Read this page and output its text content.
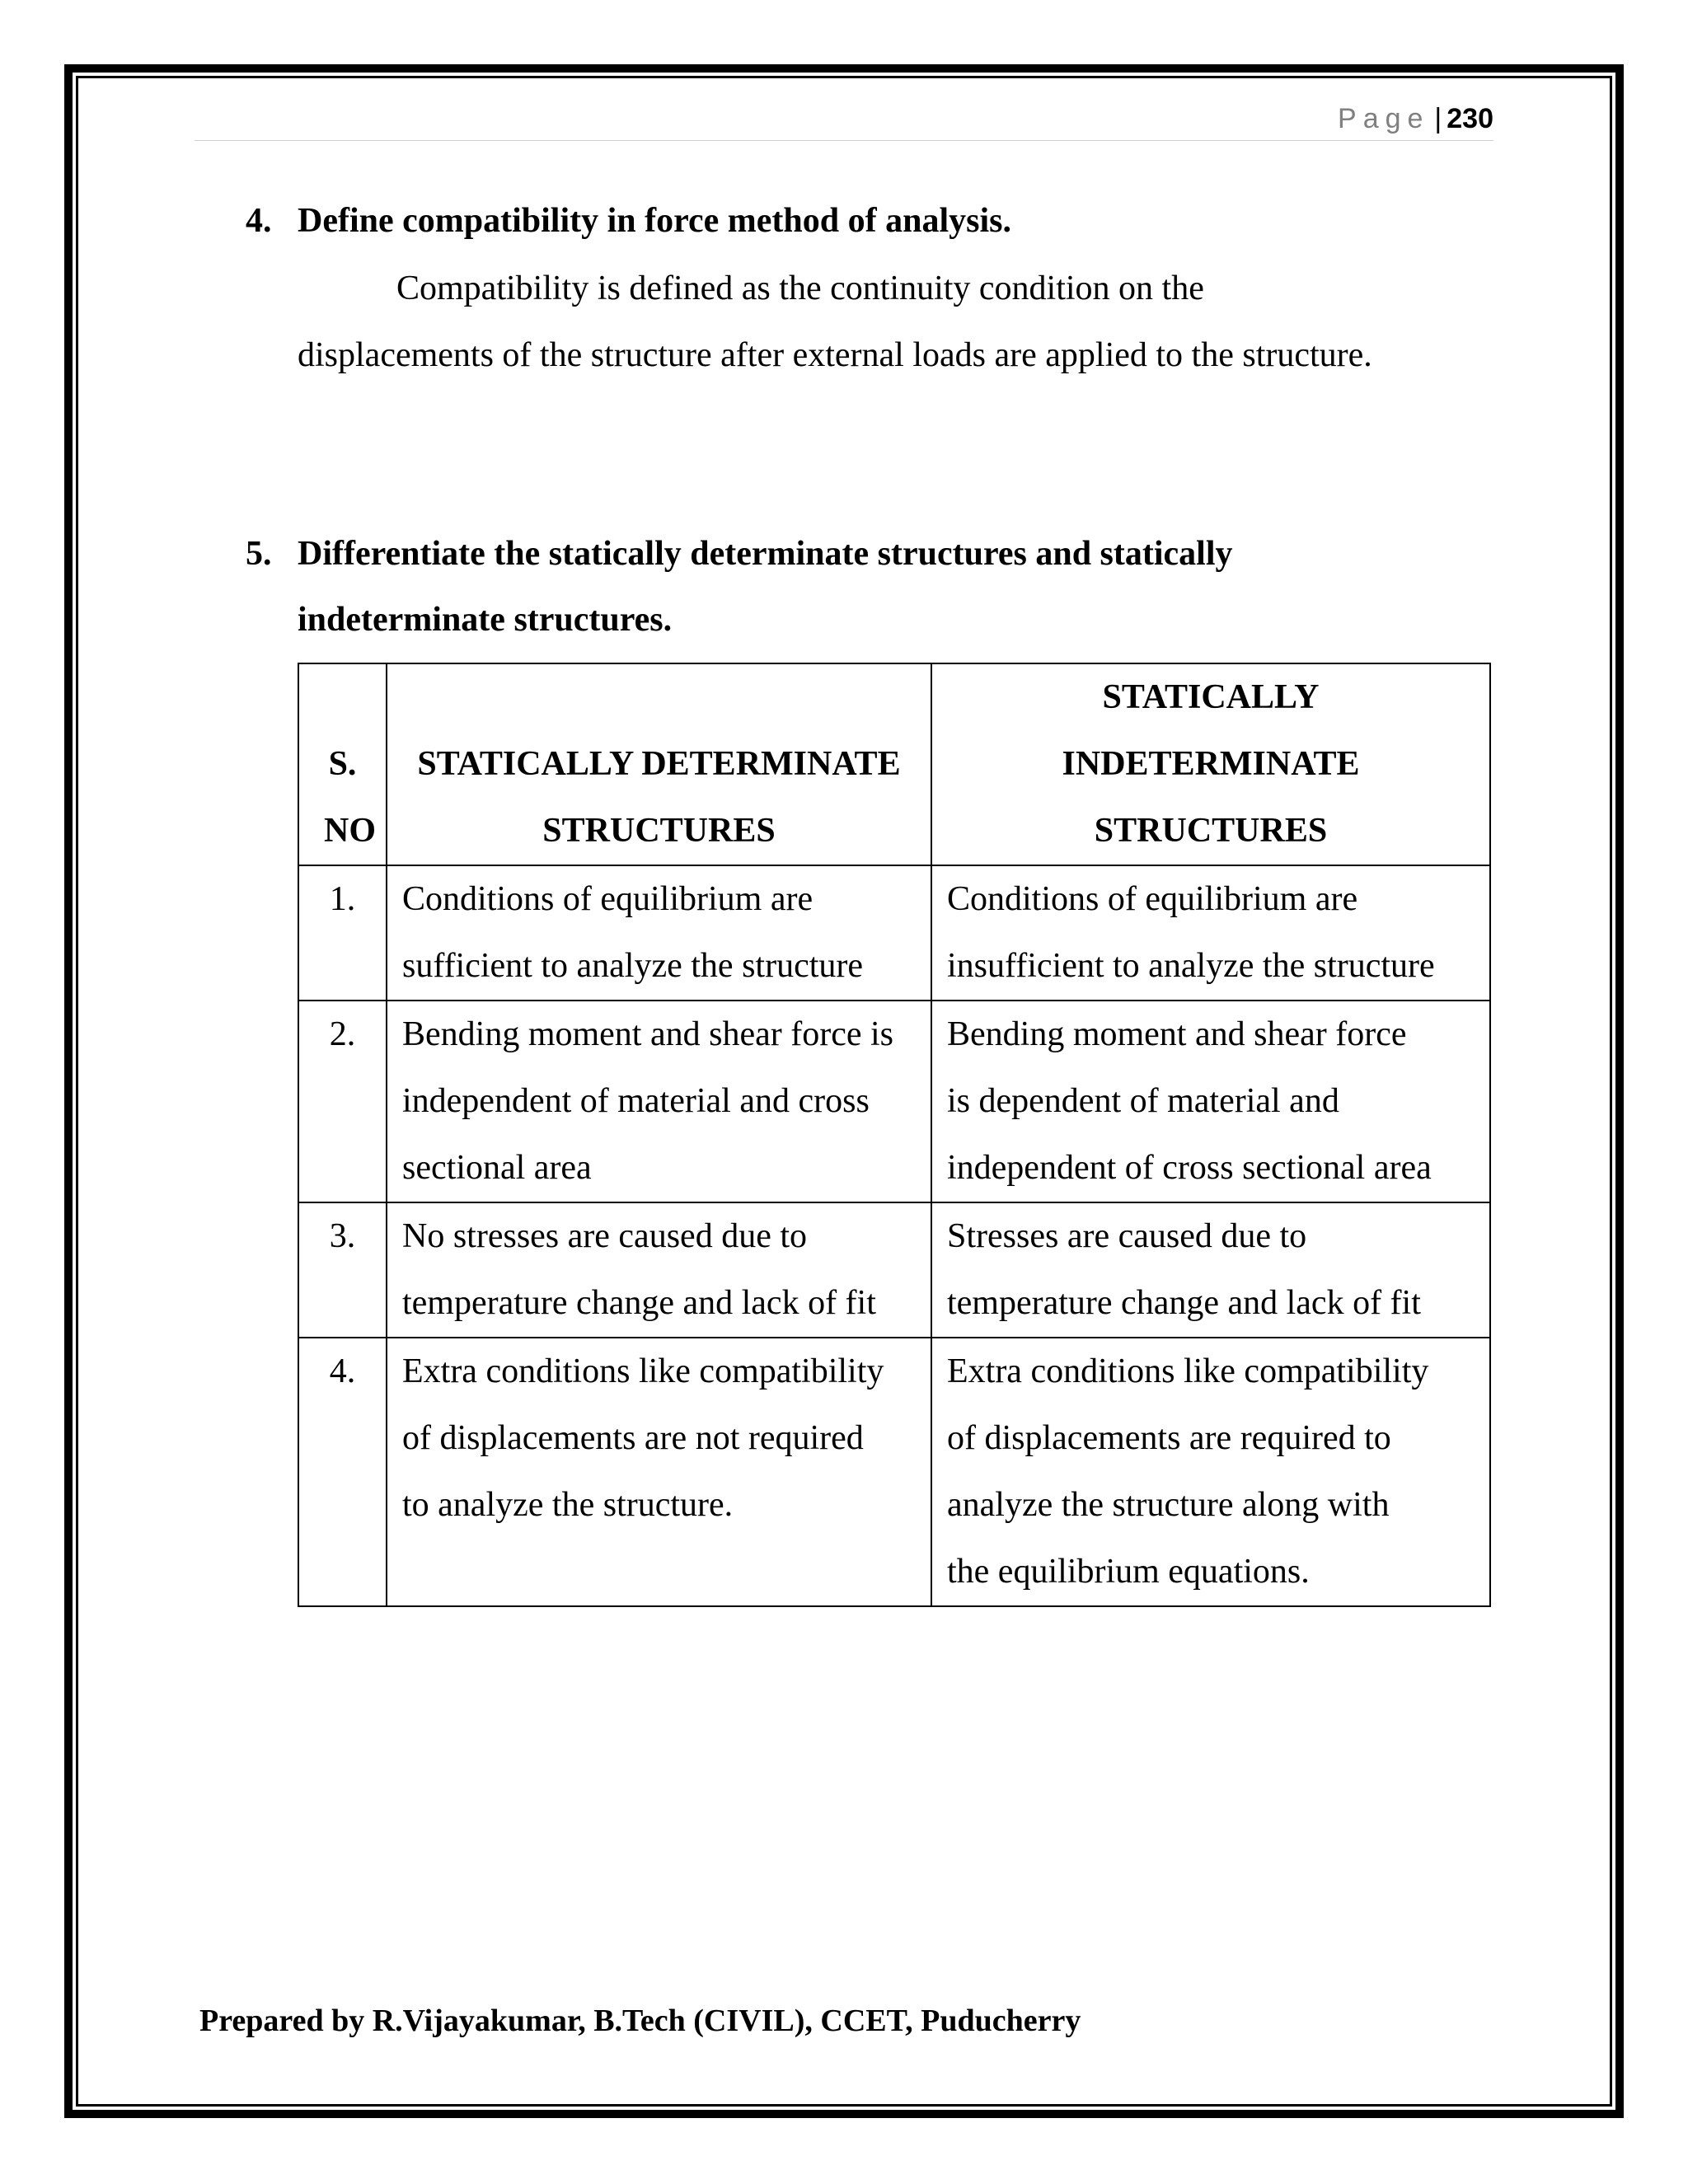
Page | 230
4. Define compatibility in force method of analysis.
Compatibility is defined as the continuity condition on the displacements of the structure after external loads are applied to the structure.
5. Differentiate the statically determinate structures and statically indeterminate structures.
S. NO	STATICALLY DETERMINATE STRUCTURES	STATICALLY INDETERMINATE STRUCTURES
1.	Conditions of equilibrium are sufficient to analyze the structure	Conditions of equilibrium are insufficient to analyze the structure
2.	Bending moment and shear force is independent of material and cross sectional area	Bending moment and shear force is dependent of material and independent of cross sectional area
3.	No stresses are caused due to temperature change and lack of fit	Stresses are caused due to temperature change and lack of fit
4.	Extra conditions like compatibility of displacements are not required to analyze the structure.	Extra conditions like compatibility of displacements are required to analyze the structure along with the equilibrium equations.
Prepared by R.Vijayakumar, B.Tech (CIVIL), CCET, Puducherry
